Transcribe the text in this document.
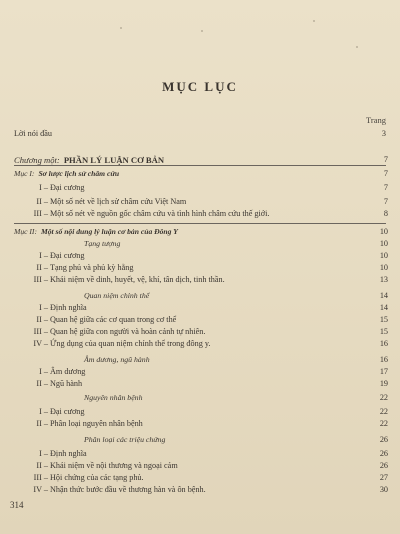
MỤC LỤC
Trang
Lời nói đầu	3
Chương một: PHẦN LÝ LUẬN CƠ BẢN	7
Mục I: Sơ lược lịch sử châm cứu	7
I – Đại cương	7
II – Một số nét về lịch sử châm cứu Việt Nam	7
III – Một số nét về nguồn gốc châm cứu và tình hình châm cứu thế giới.	8
Mục II: Một số nội dung lý luận cơ bản của Đông Y	10
Tạng tượng	10
I – Đại cương	10
II – Tạng phủ và phủ kỳ hằng	10
III – Khái niệm về dinh, huyết, vệ, khí, tân dịch, tinh thần.	13
Quan niệm chỉnh thể	14
I – Định nghĩa	14
II – Quan hệ giữa các cơ quan trong cơ thể	15
III – Quan hệ giữa con người và hoàn cảnh tự nhiên.	15
IV – Ứng dụng của quan niệm chỉnh thể trong đông y.	16
Âm dương, ngũ hành	16
I – Âm dương	17
II – Ngũ hành	19
Nguyên nhân bệnh	22
I – Đại cương	22
II – Phân loại nguyên nhân bệnh	22
Phân loại các triệu chứng	26
I – Định nghĩa	26
II – Khái niệm về nội thương và ngoại cảm	26
III – Hội chứng của các tạng phủ.	27
IV – Nhận thức bước đầu về thương hàn và ôn bệnh.	30
314
